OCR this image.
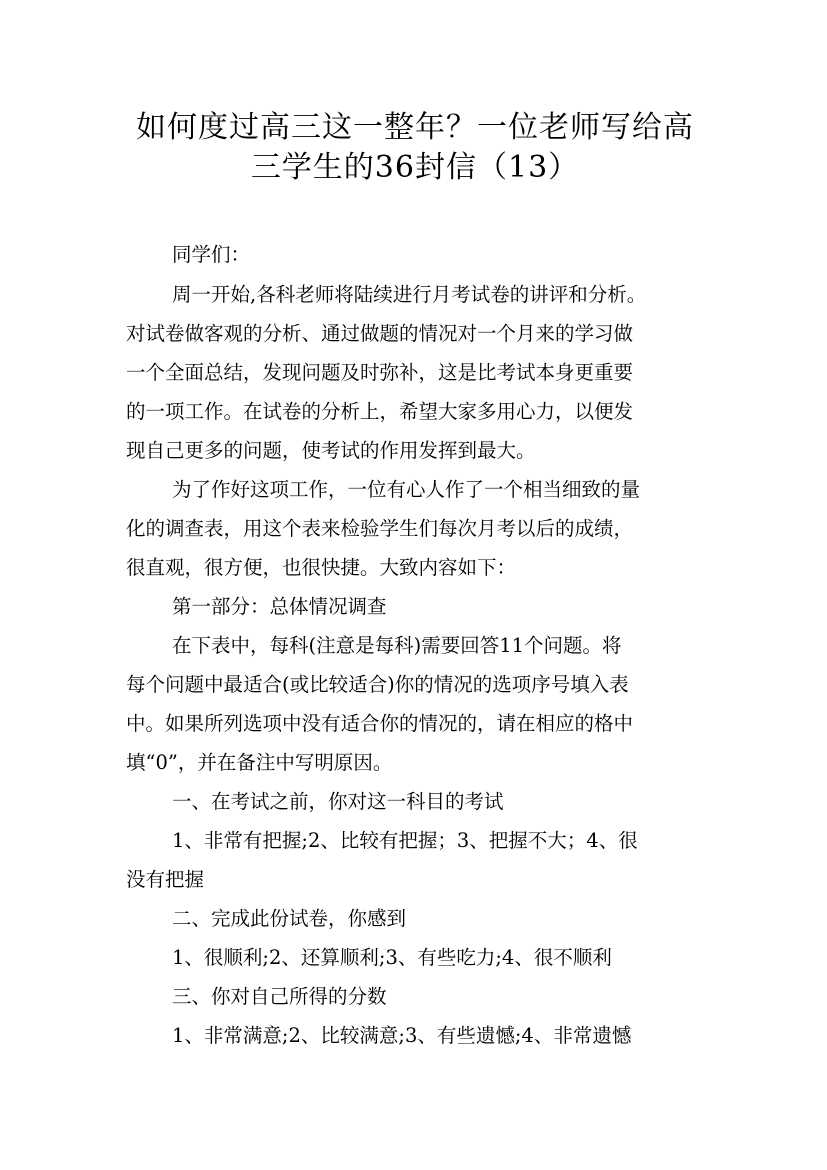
如何度过高三这一整年？一位老师写给高
三学生的36封信（13）
同学们：
周一开始,各科老师将陆续进行月考试卷的讲评和分析。
对试卷做客观的分析、通过做题的情况对一个月来的学习做
一个全面总结，发现问题及时弥补，这是比考试本身更重要
的一项工作。在试卷的分析上，希望大家多用心力，以便发
现自己更多的问题，使考试的作用发挥到最大。
为了作好这项工作，一位有心人作了一个相当细致的量
化的调查表，用这个表来检验学生们每次月考以后的成绩，
很直观，很方便，也很快捷。大致内容如下：
第一部分：总体情况调查
在下表中，每科(注意是每科)需要回答11个问题。将
每个问题中最适合(或比较适合)你的情况的选项序号填入表
中。如果所列选项中没有适合你的情况的，请在相应的格中
填“0”，并在备注中写明原因。
一、在考试之前，你对这一科目的考试
1、非常有把握;2、比较有把握；3、把握不大；4、很
没有把握
二、完成此份试卷，你感到
1、很顺利;2、还算顺利;3、有些吃力;4、很不顺利
三、你对自己所得的分数
1、非常满意;2、比较满意;3、有些遗憾;4、非常遗憾
